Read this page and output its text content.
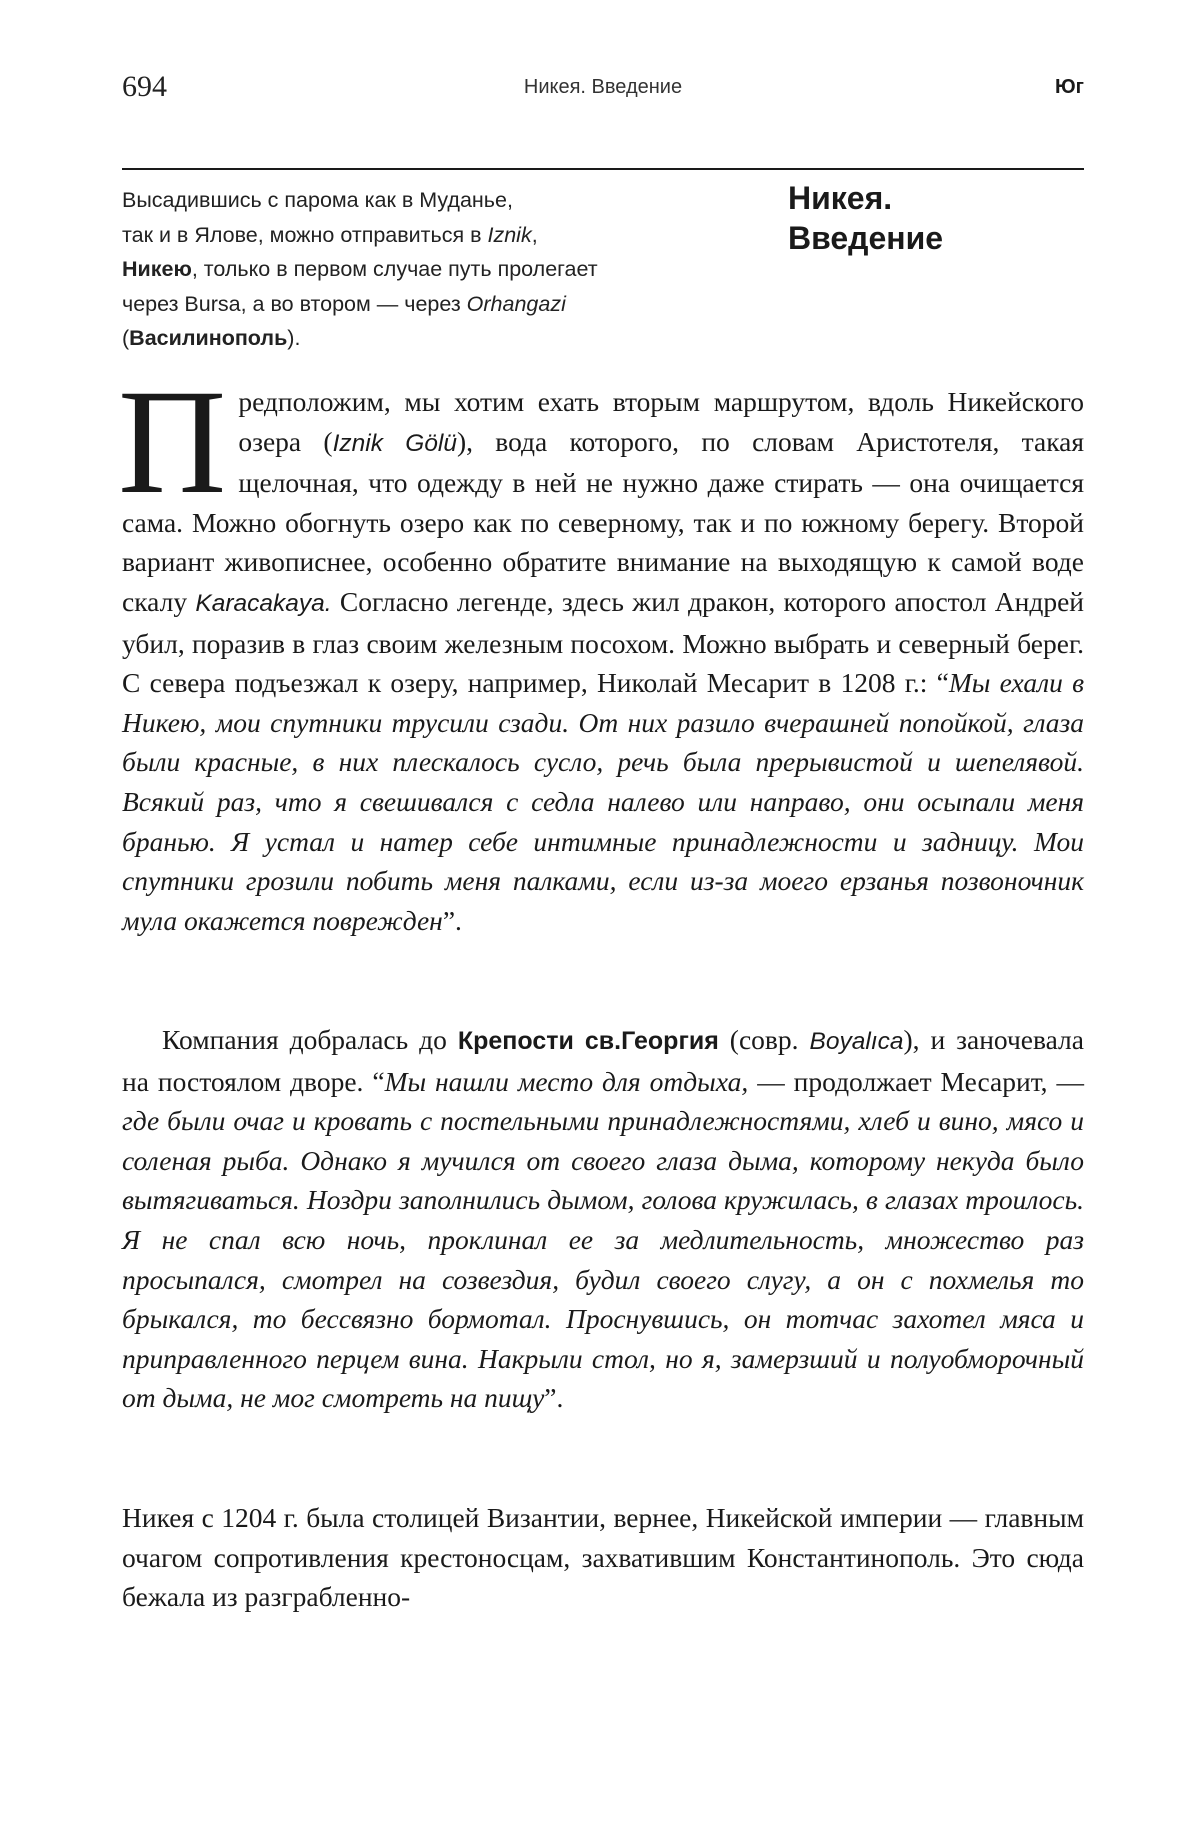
694	Никея. Введение	Юг
Высадившись с парома как в Муданье,
так и в Ялове, можно отправиться в Iznik,
Никею, только в первом случае путь пролегает
через Bursa, а во втором — через Orhangazi
(Василинополь).
Никея.
Введение
Предположим, мы хотим ехать вторым маршрутом, вдоль Никейского озера (Iznik Gölü), вода которого, по словам Аристотеля, такая щелочная, что одежду в ней не нужно даже стирать — она очищается сама. Можно обогнуть озеро как по северному, так и по южному берегу. Второй вариант живописнее, особенно обратите внимание на выходящую к самой воде скалу Karacakaya. Согласно легенде, здесь жил дракон, которого апостол Андрей убил, поразив в глаз своим железным посохом. Можно выбрать и северный берег. С севера подъезжал к озеру, например, Николай Месарит в 1208 г.: “Мы ехали в Никею, мои спутники трусили сзади. От них разило вчерашней попойкой, глаза были красные, в них плескалось сусло, речь была прерывистой и шепелявой. Всякий раз, что я свешивался с седла налево или направо, они осыпали меня бранью. Я устал и натер себе интимные принадлежности и задницу. Мои спутники грозили побить меня палками, если из-за моего ерзанья позвоночник мула окажется поврежден”.
Компания добралась до Крепости св.Георгия (совр. Boyalıca), и заночевала на постоялом дворе. “Мы нашли место для отдыха, — продолжает Месарит, — где были очаг и кровать с постельными принадлежностями, хлеб и вино, мясо и соленая рыба. Однако я мучился от своего глаза дыма, которому некуда было вытягиваться. Ноздри заполнились дымом, голова кружилась, в глазах троилось. Я не спал всю ночь, проклинал ее за медлительность, множество раз просыпался, смотрел на созвездия, будил своего слугу, а он с похмелья то брыкался, то бессвязно бормотал. Проснувшись, он тотчас захотел мяса и приправленного перцем вина. Накрыли стол, но я, замерзший и полуобморочный от дыма, не мог смотреть на пищу”.
Никея с 1204 г. была столицей Византии, вернее, Никейской империи — главным очагом сопротивления крестоносцам, захватившим Константинополь. Это сюда бежала из разграбленно-
